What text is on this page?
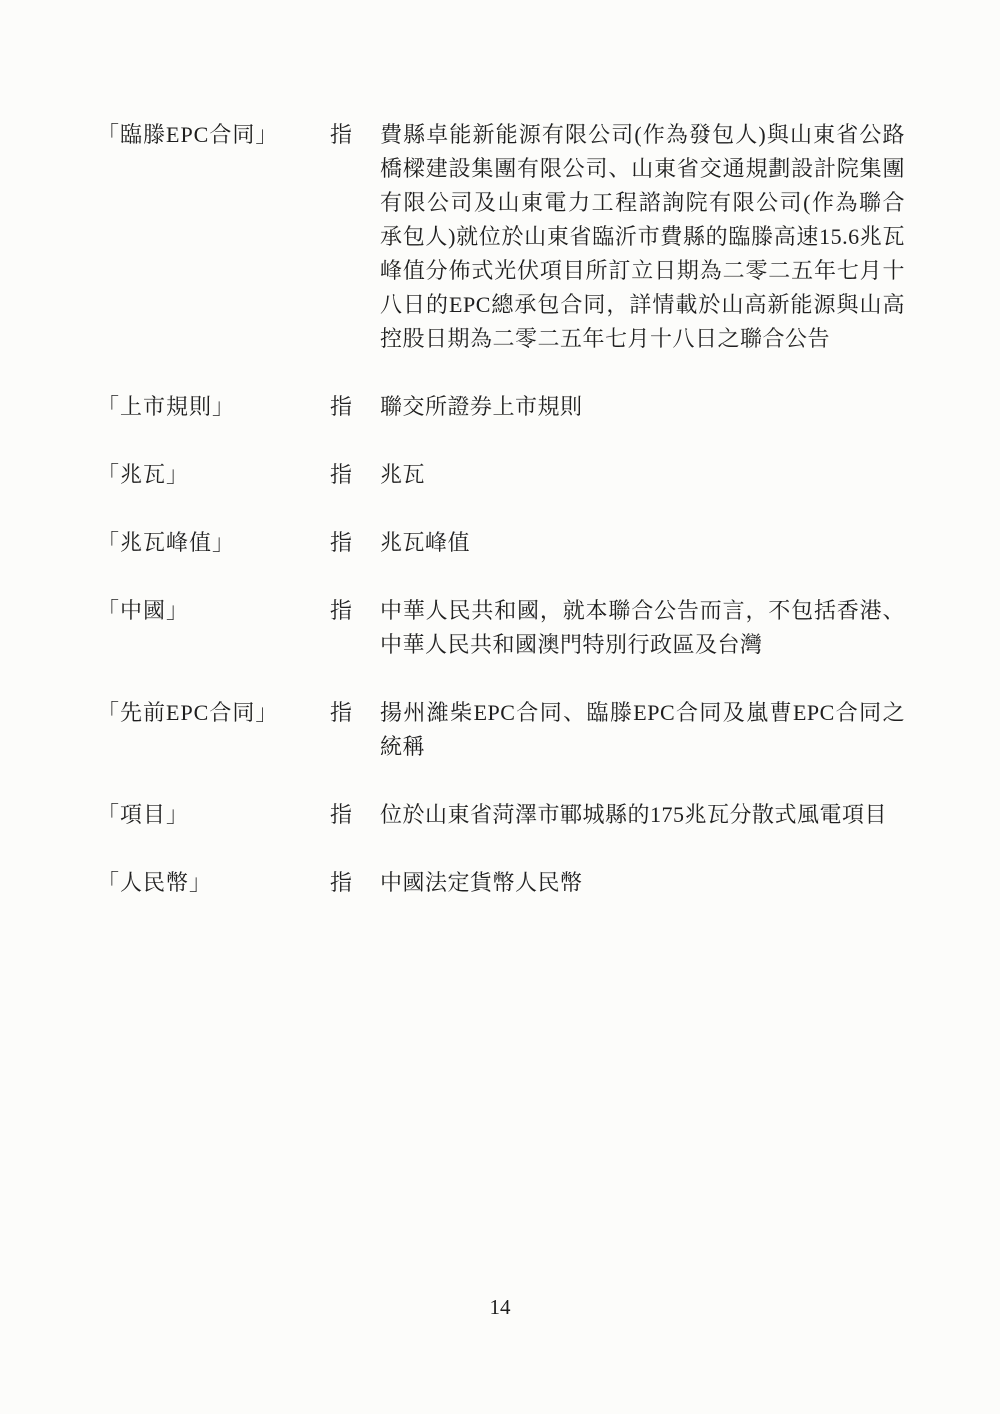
「臨滕EPC合同」	指	費縣卓能新能源有限公司(作為發包人)與山東省公路橋樑建設集團有限公司、山東省交通規劃設計院集團有限公司及山東電力工程諮詢院有限公司(作為聯合承包人)就位於山東省臨沂市費縣的臨滕高速15.6兆瓦峰值分佈式光伏項目所訂立日期為二零二五年七月十八日的EPC總承包合同，詳情載於山高新能源與山高控股日期為二零二五年七月十八日之聯合公告
「上市規則」	指	聯交所證券上市規則
「兆瓦」	指	兆瓦
「兆瓦峰值」	指	兆瓦峰值
「中國」	指	中華人民共和國，就本聯合公告而言，不包括香港、中華人民共和國澳門特別行政區及台灣
「先前EPC合同」	指	揚州濰柴EPC合同、臨滕EPC合同及嵐曹EPC合同之統稱
「項目」	指	位於山東省菏澤市鄆城縣的175兆瓦分散式風電項目
「人民幣」	指	中國法定貨幣人民幣
14
